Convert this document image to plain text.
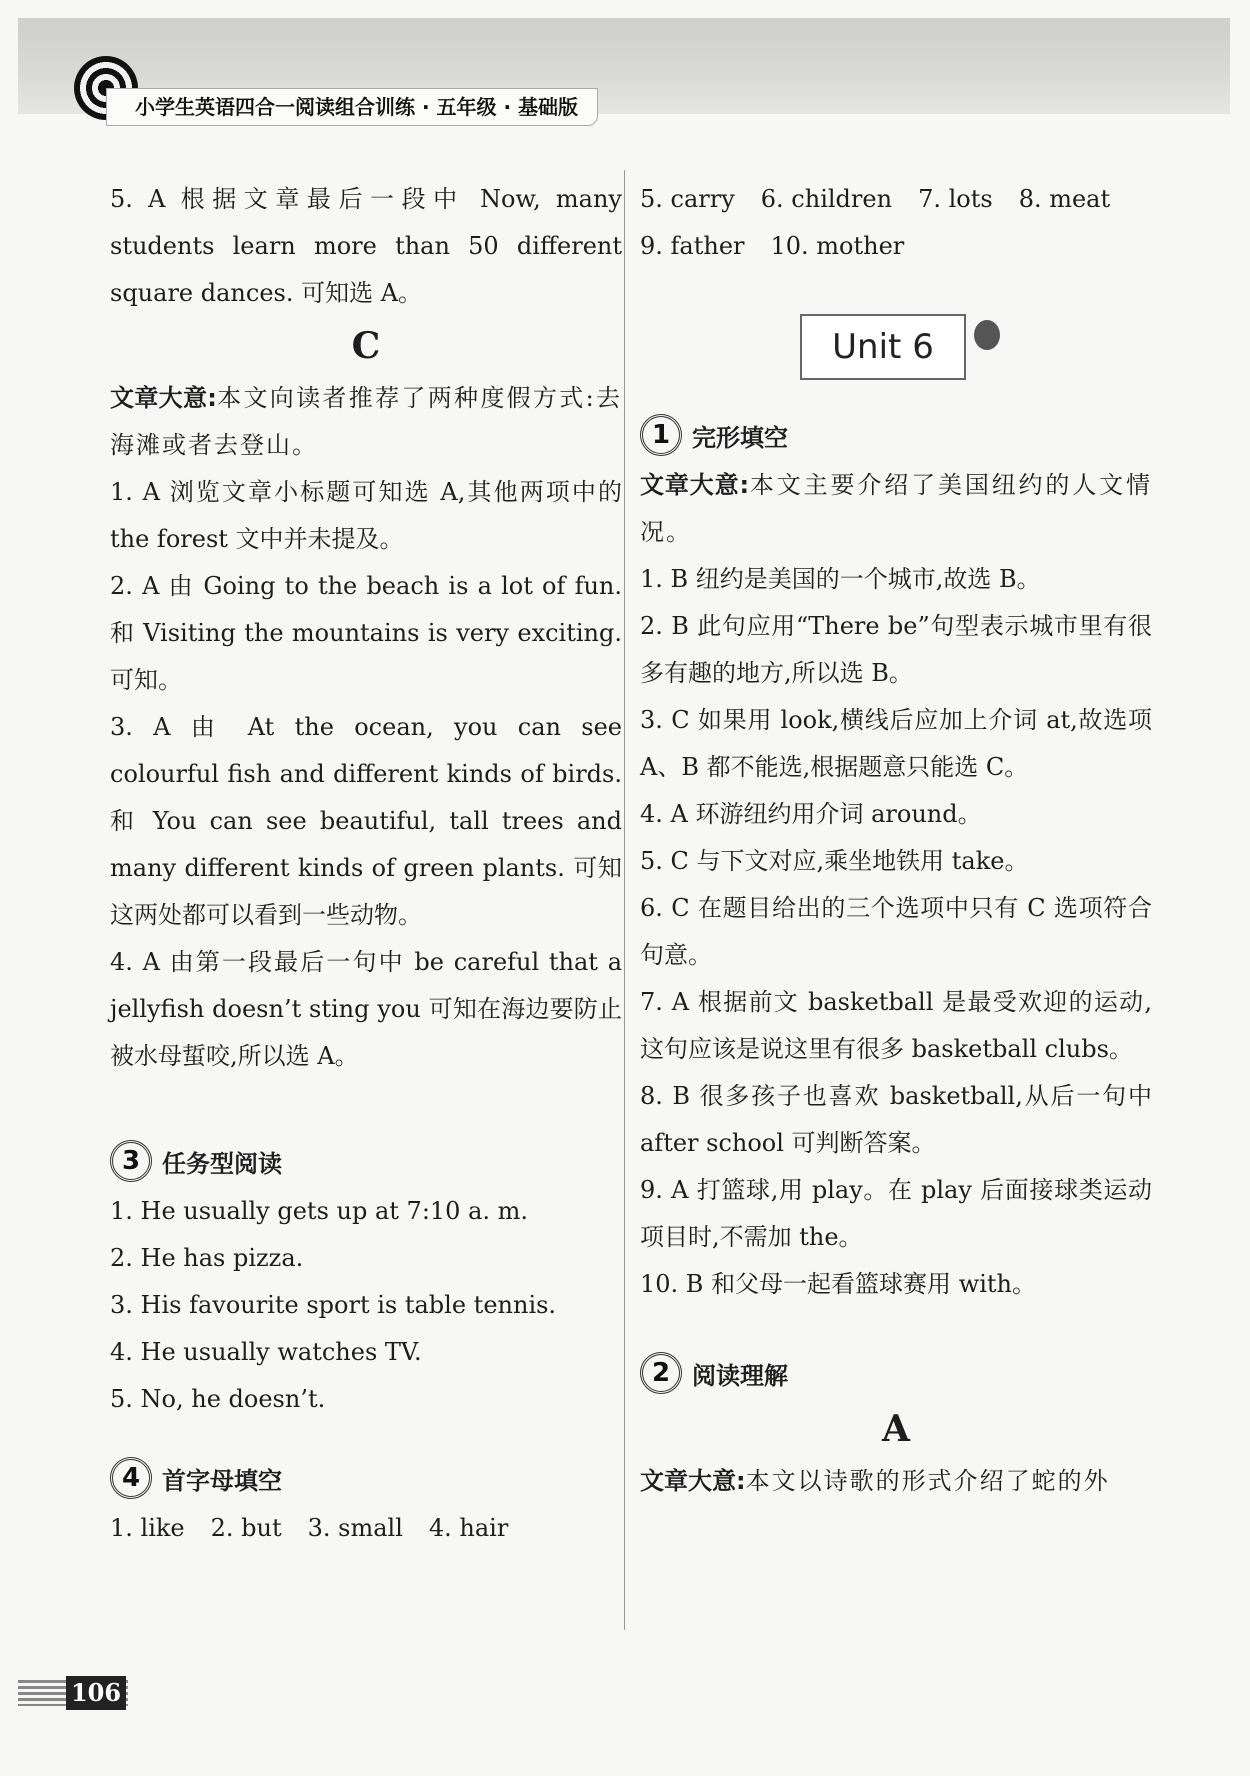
小学生英语四合一阅读组合训练 · 五年级 · 基础版

5. A 根据文章最后一段中 Now, many students learn more than 50 different square dances. 可知选 A。

C

文章大意:本文向读者推荐了两种度假方式:去海滩或者去登山。

1. A 浏览文章小标题可知选 A,其他两项中的 the forest 文中并未提及。

2. A 由 Going to the beach is a lot of fun. 和 Visiting the mountains is very exciting. 可知。

3. A 由 At the ocean, you can see colourful fish and different kinds of birds. 和 You can see beautiful, tall trees and many different kinds of green plants. 可知这两处都可以看到一些动物。

4. A 由第一段最后一句中 be careful that a jellyfish doesn’t sting you 可知在海边要防止被水母蜇咬,所以选 A。

3 任务型阅读

1. He usually gets up at 7:10 a. m.

2. He has pizza.

3. His favourite sport is table tennis.

4. He usually watches TV.

5. No, he doesn’t.

4 首字母填空
1. like 2. but 3. small 4. hair
5. carry 6. children 7. lots 8. meat
9. father 10. mother
Unit 6
1 完形填空

文章大意:本文主要介绍了美国纽约的人文情况。

1. B 纽约是美国的一个城市,故选 B。

2. B 此句应用“There be”句型表示城市里有很多有趣的地方,所以选 B。

3. C 如果用 look,横线后应加上介词 at,故选项 A、B 都不能选,根据题意只能选 C。

4. A 环游纽约用介词 around。

5. C 与下文对应,乘坐地铁用 take。

6. C 在题目给出的三个选项中只有 C 选项符合句意。

7. A 根据前文 basketball 是最受欢迎的运动,这句应该是说这里有很多 basketball clubs。

8. B 很多孩子也喜欢 basketball,从后一句中 after school 可判断答案。

9. A 打篮球,用 play。在 play 后面接球类运动项目时,不需加 the。

10. B 和父母一起看篮球赛用 with。

2 阅读理解
A

文章大意:本文以诗歌的形式介绍了蛇的外

106
